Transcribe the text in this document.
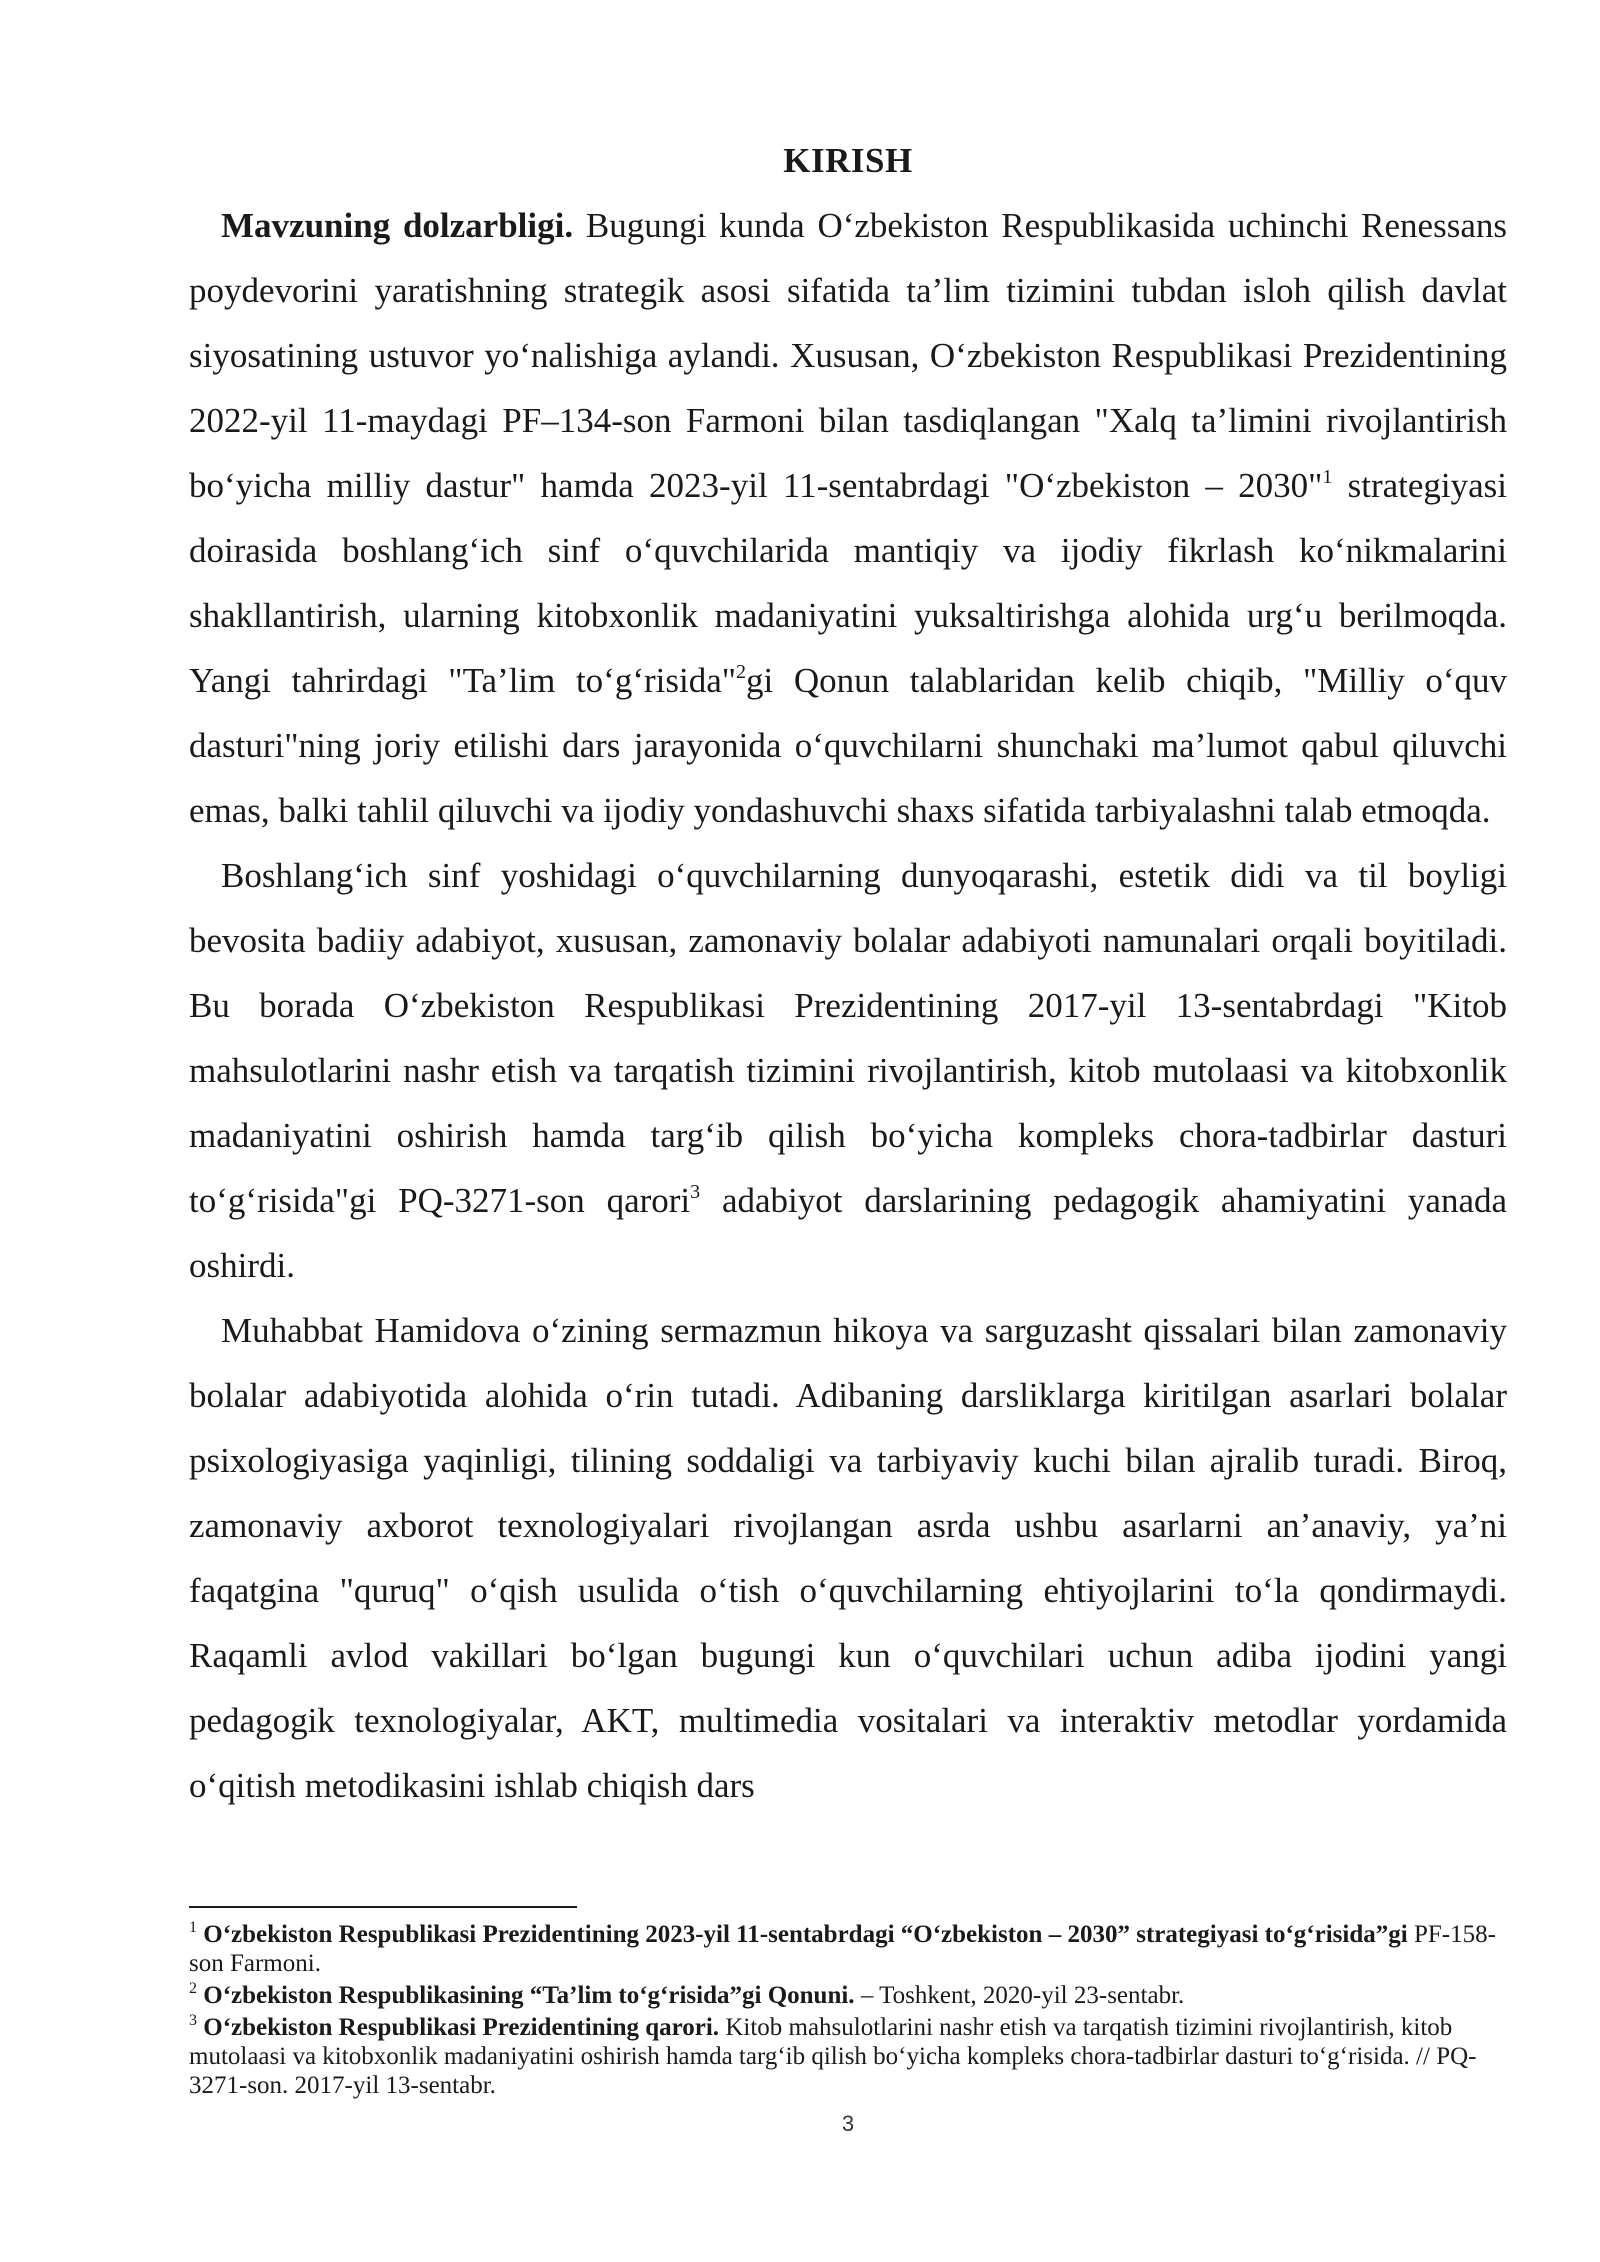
KIRISH

Mavzuning dolzarbligi. Bugungi kunda O‘zbekiston Respublikasida uchinchi Renessans poydevorini yaratishning strategik asosi sifatida ta’lim tizimini tubdan isloh qilish davlat siyosatining ustuvor yo‘nalishiga aylandi. Xususan, O‘zbekiston Respublikasi Prezidentining 2022-yil 11-maydagi PF–134-son Farmoni bilan tasdiqlangan "Xalq ta’limini rivojlantirish bo‘yicha milliy dastur" hamda 2023-yil 11-sentabrdagi "O‘zbekiston – 2030"$^1$ strategiyasi doirasida boshlang‘ich sinf o‘quvchilarida mantiqiy va ijodiy fikrlash ko‘nikmalarini shakllantirish, ularning kitobxonlik madaniyatini yuksaltirishga alohida urg‘u berilmoqda. Yangi tahrirdagi "Ta’lim to‘g‘risida"$^2$gi Qonun talablaridan kelib chiqib, "Milliy o‘quv dasturi"ning joriy etilishi dars jarayonida o‘quvchilarni shunchaki ma’lumot qabul qiluvchi emas, balki tahlil qiluvchi va ijodiy yondashuvchi shaxs sifatida tarbiyalashni talab etmoqda.

Boshlang‘ich sinf yoshidagi o‘quvchilarning dunyoqarashi, estetik didi va til boyligi bevosita badiiy adabiyot, xususan, zamonaviy bolalar adabiyoti namunalari orqali boyitiladi. Bu borada O‘zbekiston Respublikasi Prezidentining 2017-yil 13-sentabrdagi "Kitob mahsulotlarini nashr etish va tarqatish tizimini rivojlantirish, kitob mutolaasi va kitobxonlik madaniyatini oshirish hamda targ‘ib qilish bo‘yicha kompleks chora-tadbirlar dasturi to‘g‘risida"gi PQ-3271-son qarori$^3$ adabiyot darslarining pedagogik ahamiyatini yanada oshirdi.

Muhabbat Hamidova o‘zining sermazmun hikoya va sarguzasht qissalari bilan zamonaviy bolalar adabiyotida alohida o‘rin tutadi. Adibaning darsliklarga kiritilgan asarlari bolalar psixologiyasiga yaqinligi, tilining soddaligi va tarbiyaviy kuchi bilan ajralib turadi. Biroq, zamonaviy axborot texnologiyalari rivojlangan asrda ushbu asarlarni an’anaviy, ya’ni faqatgina "quruq" o‘qish usulida o‘tish o‘quvchilarning ehtiyojlarini to‘la qondirmaydi. Raqamli avlod vakillari bo‘lgan bugungi kun o‘quvchilari uchun adiba ijodini yangi pedagogik texnologiyalar, AKT, multimedia vositalari va interaktiv metodlar yordamida o‘qitish metodikasini ishlab chiqish dars

$^1$ O‘zbekiston Respublikasi Prezidentining 2023-yil 11-sentabrdagi “O‘zbekiston – 2030” strategiyasi to‘g‘risida”gi PF-158-son Farmoni.

$^2$ O‘zbekiston Respublikasining “Ta’lim to‘g‘risida”gi Qonuni. – Toshkent, 2020-yil 23-sentabr.

$^3$ O‘zbekiston Respublikasi Prezidentining qarori. Kitob mahsulotlarini nashr etish va tarqatish tizimini rivojlantirish, kitob mutolaasi va kitobxonlik madaniyatini oshirish hamda targ‘ib qilish bo‘yicha kompleks chora-tadbirlar dasturi to‘g‘risida. // PQ-3271-son. 2017-yil 13-sentabr.

3
